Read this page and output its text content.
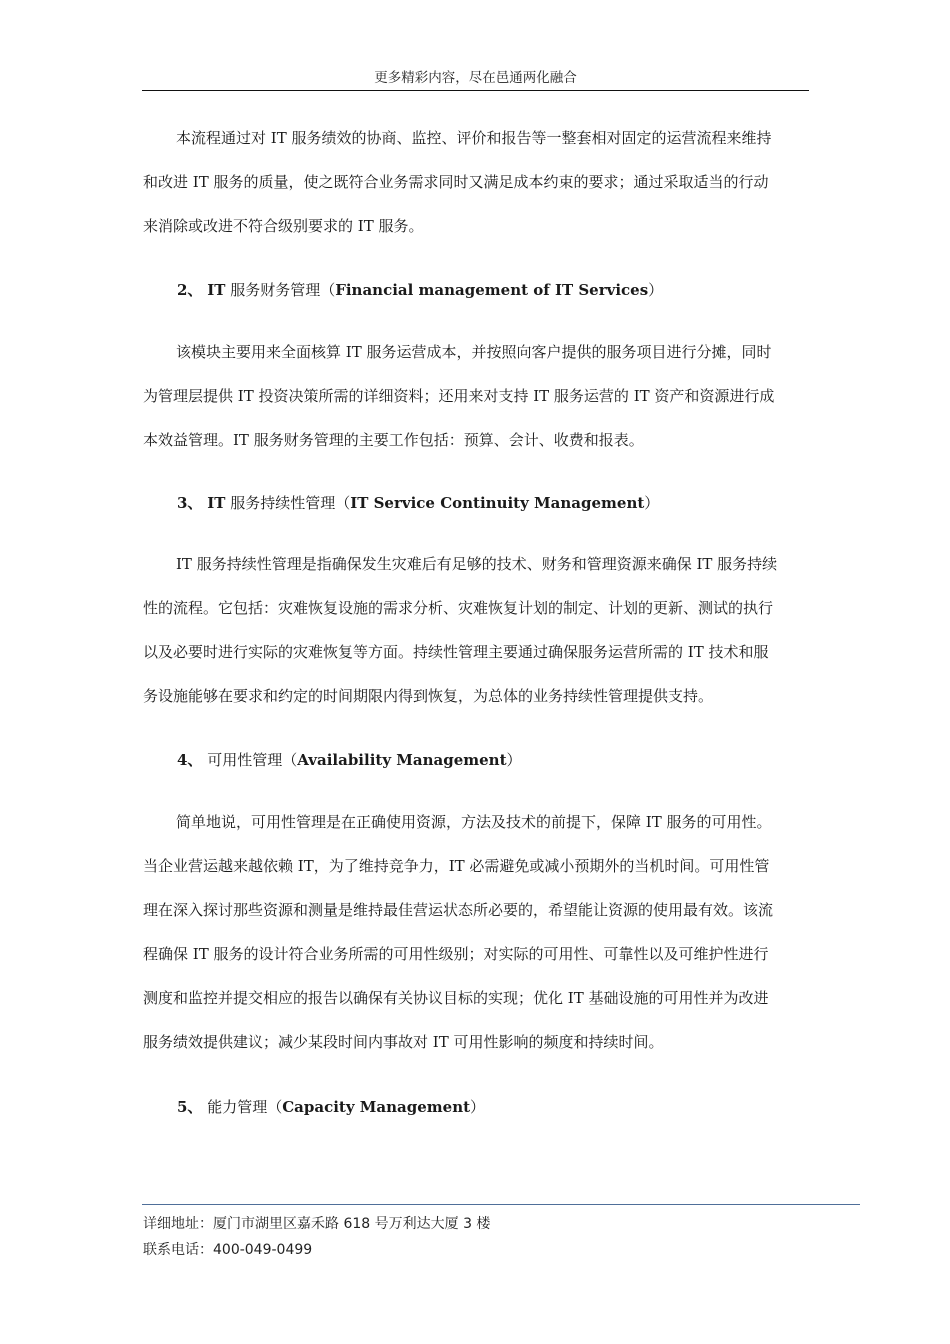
更多精彩内容，尽在邑通两化融合
本流程通过对 IT 服务绩效的协商、监控、评价和报告等一整套相对固定的运营流程来维持
和改进 IT 服务的质量，使之既符合业务需求同时又满足成本约束的要求；通过采取适当的行动
来消除或改进不符合级别要求的 IT 服务。
2、 IT 服务财务管理（Financial management of IT Services）
该模块主要用来全面核算 IT 服务运营成本，并按照向客户提供的服务项目进行分摊，同时
为管理层提供 IT 投资决策所需的详细资料；还用来对支持 IT 服务运营的 IT 资产和资源进行成
本效益管理。IT 服务财务管理的主要工作包括：预算、会计、收费和报表。
3、 IT 服务持续性管理（IT Service Continuity Management）
IT 服务持续性管理是指确保发生灾难后有足够的技术、财务和管理资源来确保 IT 服务持续
性的流程。它包括：灾难恢复设施的需求分析、灾难恢复计划的制定、计划的更新、测试的执行
以及必要时进行实际的灾难恢复等方面。持续性管理主要通过确保服务运营所需的 IT 技术和服
务设施能够在要求和约定的时间期限内得到恢复，为总体的业务持续性管理提供支持。
4、 可用性管理（Availability Management）
简单地说，可用性管理是在正确使用资源，方法及技术的前提下，保障 IT 服务的可用性。
当企业营运越来越依赖 IT，为了维持竞争力，IT 必需避免或减小预期外的当机时间。可用性管
理在深入探讨那些资源和测量是维持最佳营运状态所必要的，希望能让资源的使用最有效。该流
程确保 IT 服务的设计符合业务所需的可用性级别；对实际的可用性、可靠性以及可维护性进行
测度和监控并提交相应的报告以确保有关协议目标的实现；优化 IT 基础设施的可用性并为改进
服务绩效提供建议；减少某段时间内事故对 IT 可用性影响的频度和持续时间。
5、 能力管理（Capacity Management）
详细地址：厦门市湖里区嘉禾路 618 号万利达大厦 3 楼
联系电话：400-049-0499
